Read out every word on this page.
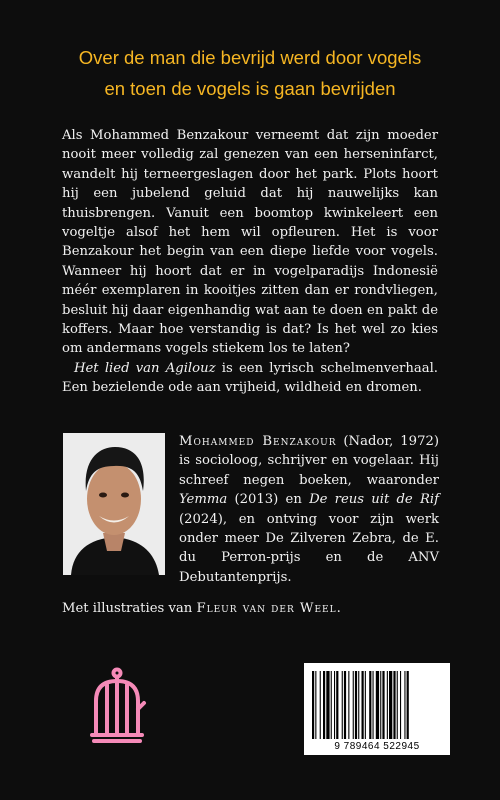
Over de man die bevrijd werd door vogels
en toen de vogels is gaan bevrijden

Als Mohammed Benzakour verneemt dat zijn moeder nooit meer volledig zal genezen van een herseninfarct, wandelt hij terneergeslagen door het park. Plots hoort hij een jubelend geluid dat hij nauwelijks kan thuisbrengen. Vanuit een boomtop kwinkeleert een vogeltje alsof het hem wil opfleuren. Het is voor Benzakour het begin van een diepe liefde voor vogels. Wanneer hij hoort dat er in vogelparadijs Indonesië méér exemplaren in kooitjes zitten dan er rondvliegen, besluit hij daar eigenhandig wat aan te doen en pakt de koffers. Maar hoe verstandig is dat? Is het wel zo kies om andermans vogels stiekem los te laten?

Het lied van Agilouz is een lyrisch schelmenverhaal. Een bezielende ode aan vrijheid, wildheid en dromen.

Mohammed Benzakour (Nador, 1972) is socioloog, schrijver en vogelaar. Hij schreef negen boeken, waaronder Yemma (2013) en De reus uit de Rif (2024), en ontving voor zijn werk onder meer De Zilveren Zebra, de E. du Perron-prijs en de ANV Debutantenprijs.

Met illustraties van Fleur van der Weel.
9 789464 522945
